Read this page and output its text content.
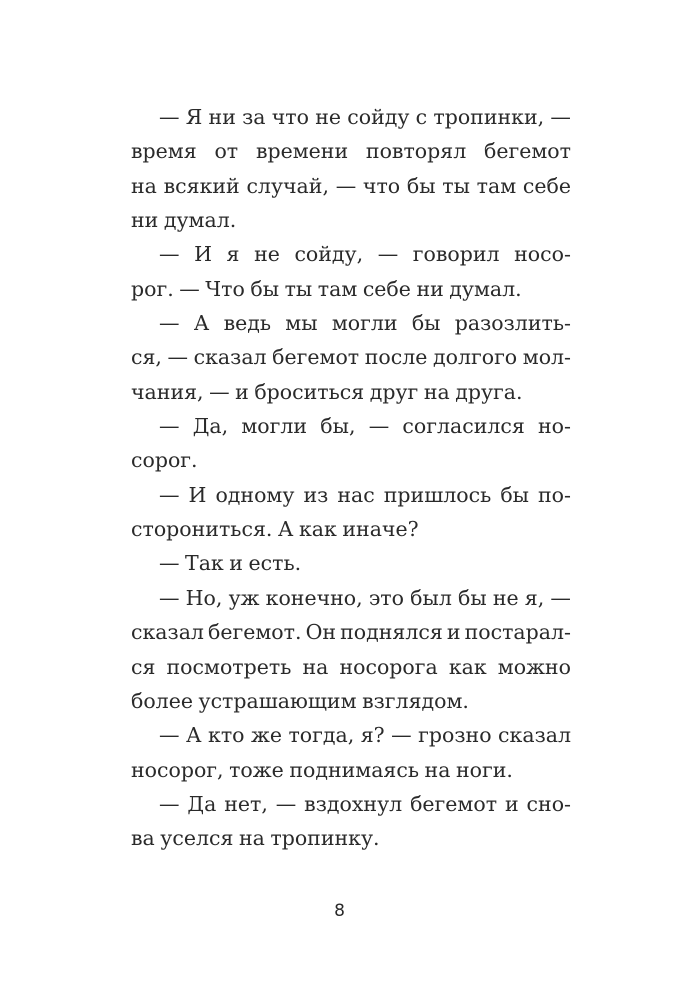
— Я ни за что не сойду с тропинки, —
время от времени повторял бегемот
на всякий случай, — что бы ты там себе
ни думал.
— И я не сойду, — говорил носо-
рог. — Что бы ты там себе ни думал.
— А ведь мы могли бы разозлить-
ся, — сказал бегемот после долгого мол-
чания, — и броситься друг на друга.
— Да, могли бы, — согласился но-
сорог.
— И одному из нас пришлось бы по-
сторониться. А как иначе?
— Так и есть.
— Но, уж конечно, это был бы не я, —
сказал бегемот. Он поднялся и постарал-
ся посмотреть на носорога как можно
более устрашающим взглядом.
— А кто же тогда, я? — грозно сказал
носорог, тоже поднимаясь на ноги.
— Да нет, — вздохнул бегемот и сно-
ва уселся на тропинку.
8
